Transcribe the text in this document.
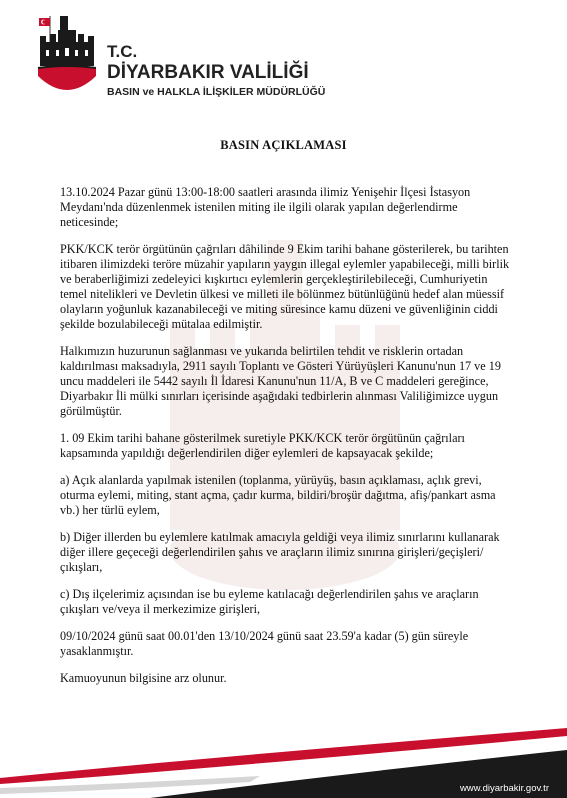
T.C.
DİYARBAKIR VALİLİĞİ
BASIN ve HALKLA İLİŞKİLER MÜDÜRLÜĞÜ
BASIN AÇIKLAMASI

13.10.2024 Pazar günü 13:00-18:00 saatleri arasında ilimiz Yenişehir İlçesi İstasyon Meydanı'nda düzenlenmek istenilen miting ile ilgili olarak yapılan değerlendirme neticesinde;

PKK/KCK terör örgütünün çağrıları dâhilinde 9 Ekim tarihi bahane gösterilerek, bu tarihten itibaren ilimizdeki teröre müzahir yapıların yaygın illegal eylemler yapabileceği, milli birlik ve beraberliğimizi zedeleyici kışkırtıcı eylemlerin gerçekleştirilebileceği, Cumhuriyetin temel nitelikleri ve Devletin ülkesi ve milleti ile bölünmez bütünlüğünü hedef alan müessif olayların yoğunluk kazanabileceği ve miting süresince kamu düzeni ve güvenliğinin ciddi şekilde bozulabileceği mütalaa edilmiştir.

Halkımızın huzurunun sağlanması ve yukarıda belirtilen tehdit ve risklerin ortadan kaldırılması maksadıyla, 2911 sayılı Toplantı ve Gösteri Yürüyüşleri Kanunu'nun 17 ve 19 uncu maddeleri ile 5442 sayılı İl İdaresi Kanunu'nun 11/A, B ve C maddeleri gereğince, Diyarbakır İli mülki sınırları içerisinde aşağıdaki tedbirlerin alınması Valiliğimizce uygun görülmüştür.

1. 09 Ekim tarihi bahane gösterilmek suretiyle PKK/KCK terör örgütünün çağrıları kapsamında yapıldığı değerlendirilen diğer eylemleri de kapsayacak şekilde;

a) Açık alanlarda yapılmak istenilen (toplanma, yürüyüş, basın açıklaması, açlık grevi, oturma eylemi, miting, stant açma, çadır kurma, bildiri/broşür dağıtma, afiş/pankart asma vb.) her türlü eylem,

b) Diğer illerden bu eylemlere katılmak amacıyla geldiği veya ilimiz sınırlarını kullanarak diğer illere geçeceği değerlendirilen şahıs ve araçların ilimiz sınırına girişleri/geçişleri/çıkışları,

c) Dış ilçelerimiz açısından ise bu eyleme katılacağı değerlendirilen şahıs ve araçların çıkışları ve/veya il merkezimize girişleri,

09/10/2024 günü saat 00.01'den 13/10/2024 günü saat 23.59'a kadar (5) gün süreyle yasaklanmıştır.

Kamuoyunun bilgisine arz olunur.

www.diyarbakir.gov.tr
